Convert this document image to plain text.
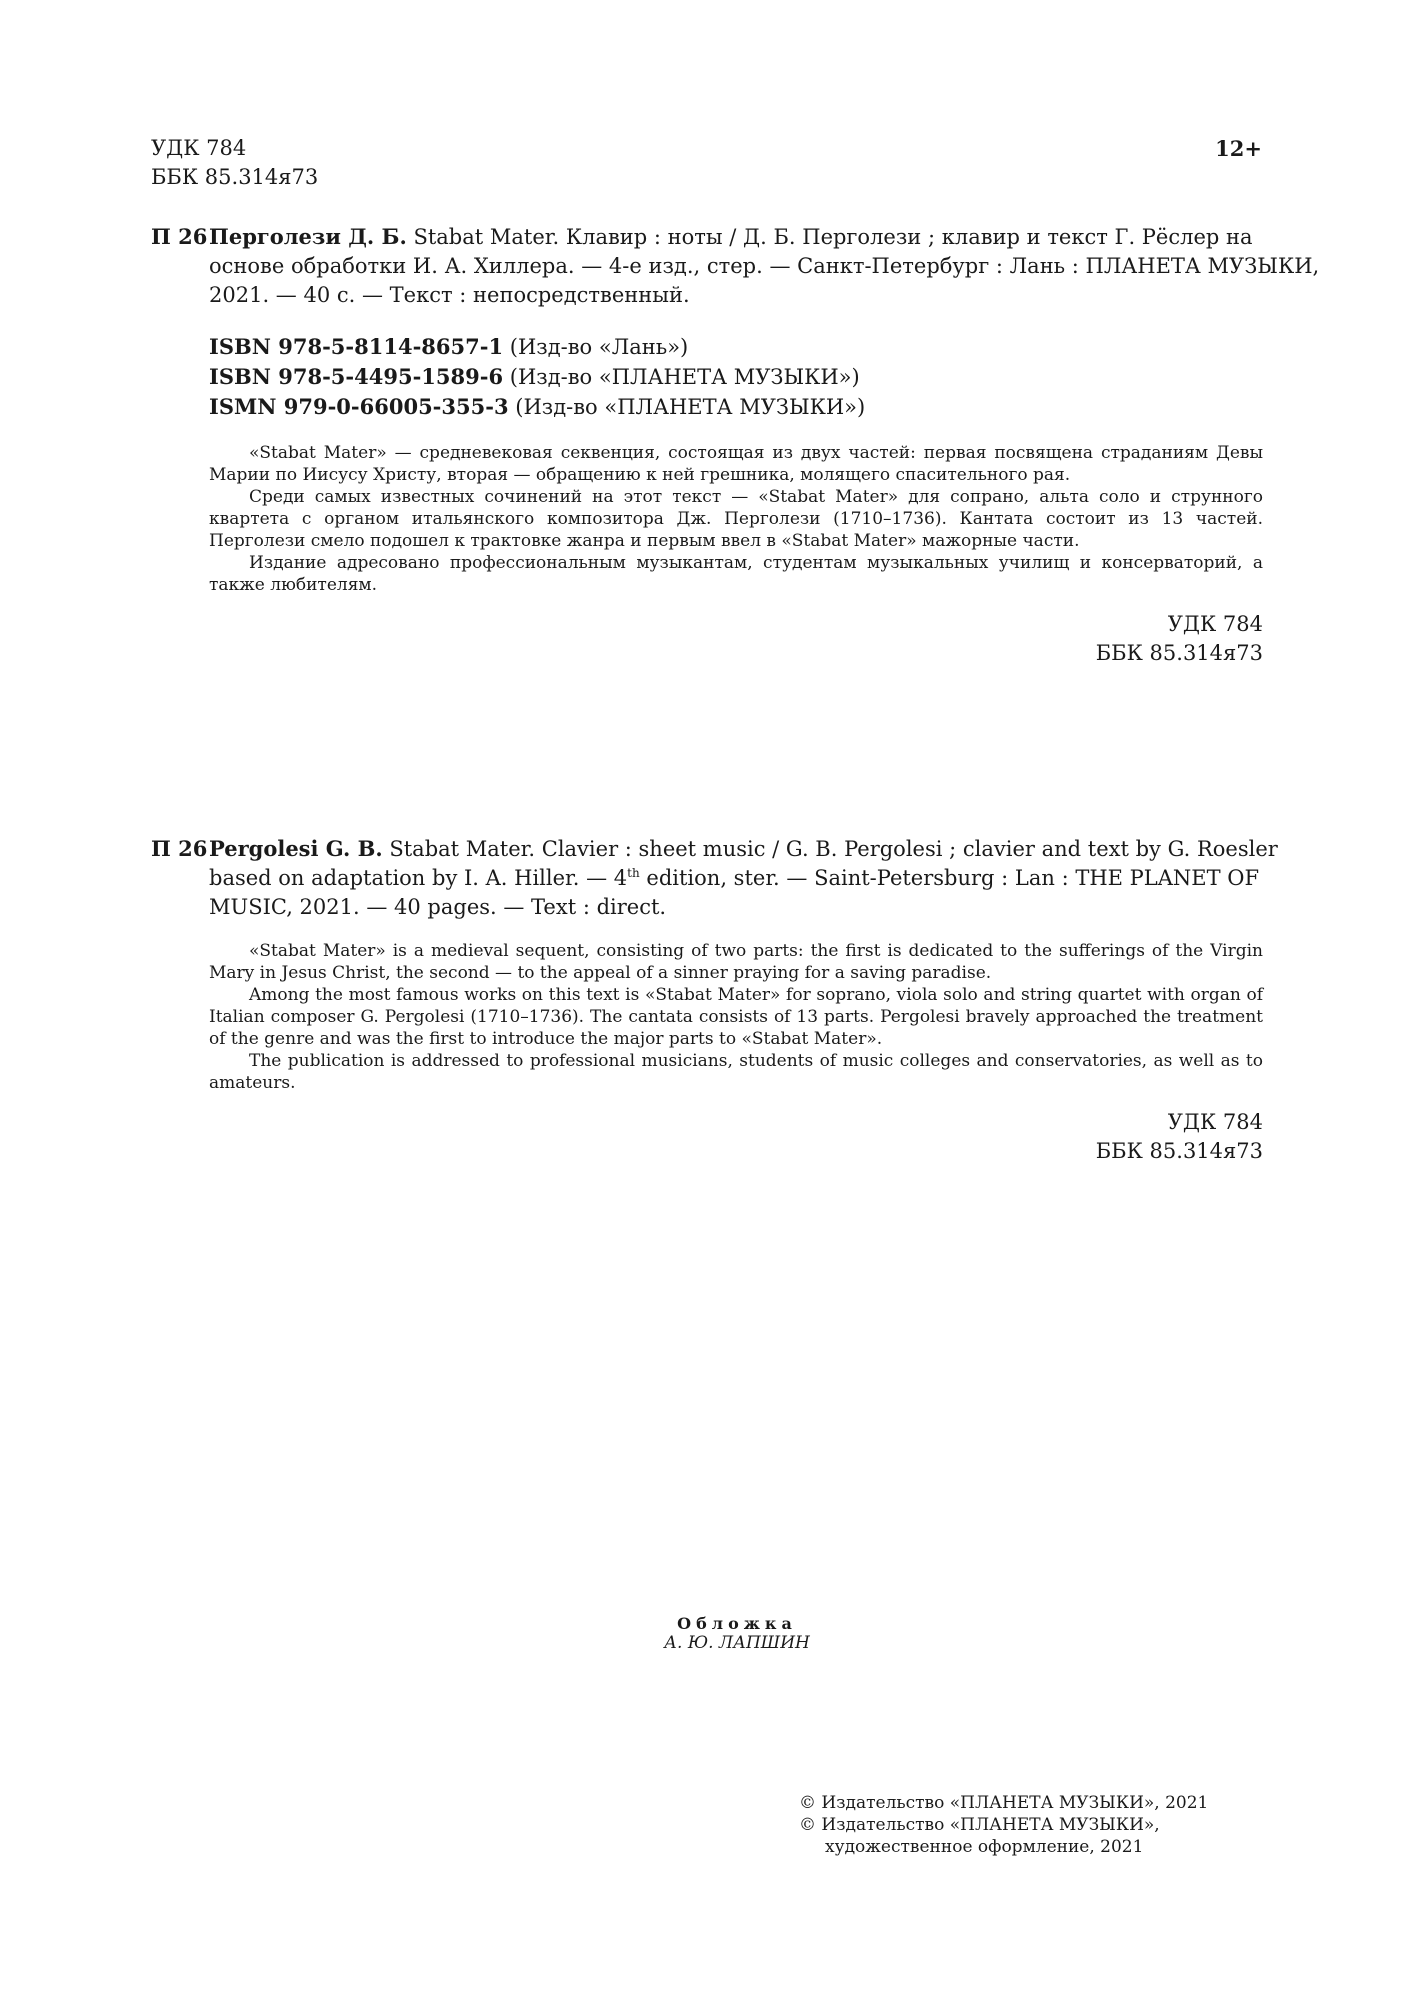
УДК 784
ББК 85.314я73
12+
П 26 Перголези Д. Б. Stabat Mater. Клавир : ноты / Д. Б. Перголези ; клавир и текст Г. Рёслер на
основе обработки И. А. Хиллера. — 4-е изд., стер. — Санкт-Петербург : Лань : ПЛАНЕТА МУЗЫКИ,
2021. — 40 с. — Текст : непосредственный.
ISBN 978-5-8114-8657-1 (Изд-во «Лань»)
ISBN 978-5-4495-1589-6 (Изд-во «ПЛАНЕТА МУЗЫКИ»)
ISMN 979-0-66005-355-3 (Изд-во «ПЛАНЕТА МУЗЫКИ»)
«Stabat Mater» — средневековая секвенция, состоящая из двух частей: первая посвящена страданиям Девы Марии по Иисусу Христу, вторая — обращению к ней грешника, молящего спасительного рая.
Среди самых известных сочинений на этот текст — «Stabat Mater» для сопрано, альта соло и струнного квартета с органом итальянского композитора Дж. Перголези (1710–1736). Кантата состоит из 13 частей. Перголези смело подошел к трактовке жанра и первым ввел в «Stabat Mater» мажорные части.
Издание адресовано профессиональным музыкантам, студентам музыкальных училищ и консерваторий, а также любителям.
УДК 784
ББК 85.314я73
П 26 Pergolesi G. B. Stabat Mater. Clavier : sheet music / G. B. Pergolesi ; clavier and text by G. Roesler
based on adaptation by I. A. Hiller. — 4th edition, ster. — Saint-Petersburg : Lan : THE PLANET OF
MUSIC, 2021. — 40 pages. — Text : direct.
«Stabat Mater» is a medieval sequent, consisting of two parts: the first is dedicated to the sufferings of the Virgin Mary in Jesus Christ, the second — to the appeal of a sinner praying for a saving paradise.
Among the most famous works on this text is «Stabat Mater» for soprano, viola solo and string quartet with organ of Italian composer G. Pergolesi (1710–1736). The cantata consists of 13 parts. Pergolesi bravely approached the treatment of the genre and was the first to introduce the major parts to «Stabat Mater».
The publication is addressed to professional musicians, students of music colleges and conservatories, as well as to amateurs.
УДК 784
ББК 85.314я73
Обложка
А. Ю. ЛАПШИН
© Издательство «ПЛАНЕТА МУЗЫКИ», 2021
© Издательство «ПЛАНЕТА МУЗЫКИ»,
художественное оформление, 2021
